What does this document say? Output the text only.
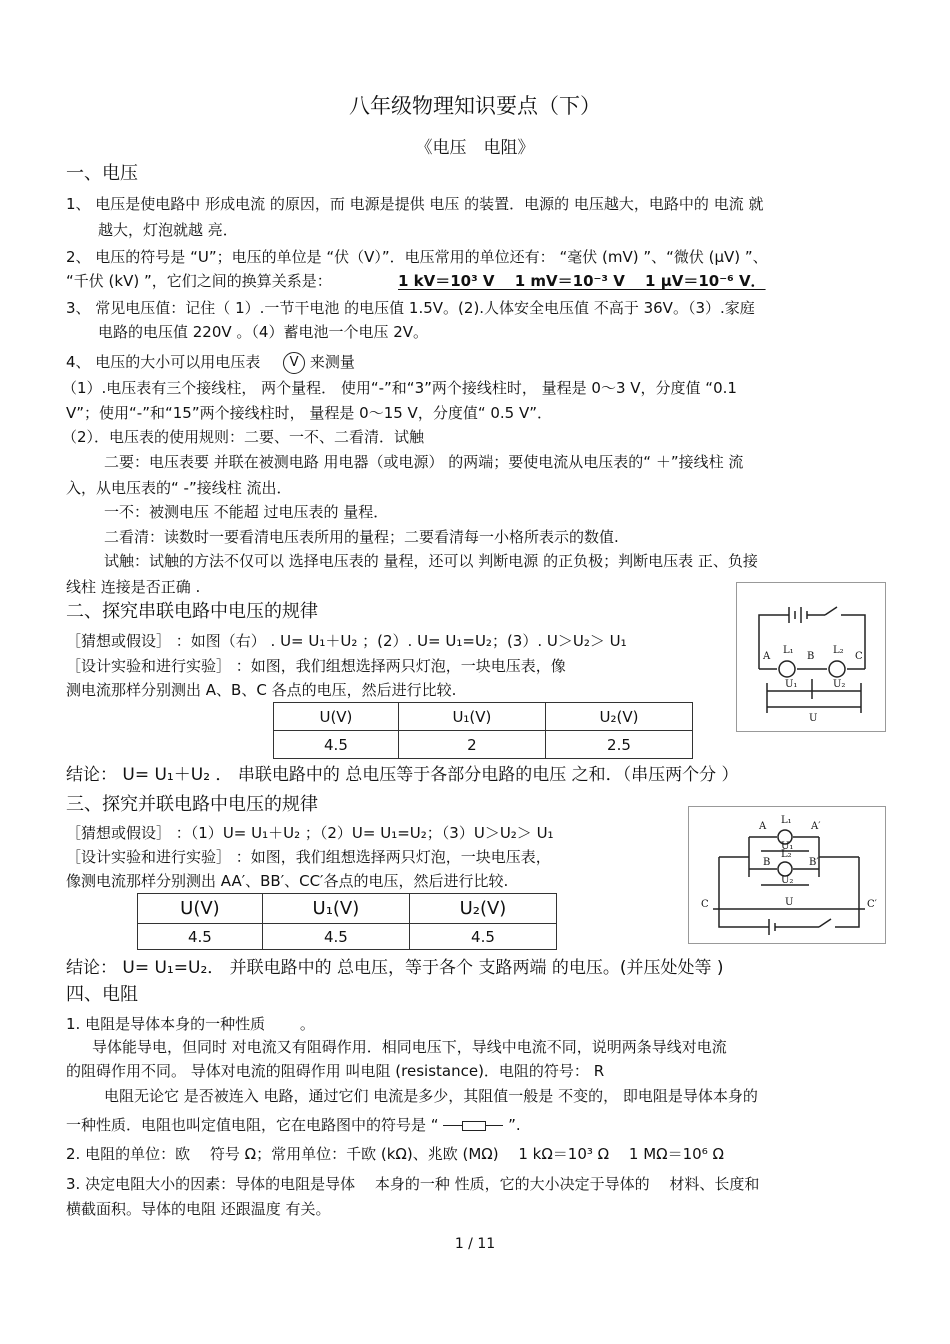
八年级物理知识要点（下）
《电压　电阻》
一、电压
1、 电压是使电路中 形成电流 的原因，而 电源是提供 电压 的装置．电源的 电压越大，电路中的 电流 就
越大，灯泡就越 亮．
2、 电压的符号是 “U”；电压的单位是 “伏（V）”．电压常用的单位还有： “毫伏 (mV) ”、“微伏 (μV) ”、
“千伏 (kV) ”，它们之间的换算关系是：	1 kV＝10³ V　 1 mV＝10⁻³ V　 1 μV＝10⁻⁶ V．
3、 常见电压值：记住（ 1）.一节干电池 的电压值 1.5V。(2).人体安全电压值 不高于 36V。（3）.家庭
电路的电压值 220V 。（4）蓄电池一个电压 2V。
4、 电压的大小可以用电压表 V 来测量
（1）.电压表有三个接线柱， 两个量程． 使用“-”和“3”两个接线柱时， 量程是 0～3 V，分度值 “0.1
V”；使用“-”和“15”两个接线柱时， 量程是 0～15 V，分度值“ 0.5 V”．
（2）．电压表的使用规则：二要、一不、二看清．试触
二要：电压表要 并联在被测电路 用电器（或电源） 的两端；要使电流从电压表的“ ＋”接线柱 流
入，从电压表的“ -”接线柱 流出．
一不：被测电压 不能超 过电压表的 量程．
二看清：读数时一要看清电压表所用的量程；二要看清每一小格所表示的数值.
试触：试触的方法不仅可以 选择电压表的 量程，还可以 判断电源 的正负极；判断电压表 正、负接
线柱 连接是否正确 .
二、探究串联电路中电压的规律
［猜想或假设］ ：如图（右） . U= U₁＋U₂ ；(2）. U= U₁=U₂；(3）. U＞U₂＞ U₁
［设计实验和进行实验］ ：如图，我们组想选择两只灯泡，一块电压表，像
测电流那样分别测出 A、B、C 各点的电压，然后进行比较.
U(V)	U₁(V)	U₂(V)
4.5	2	2.5
结论： U= U₁＋U₂ ． 串联电路中的 总电压等于各部分电路的电压 之和．（串压两个分 ）
L₁	L₂
A	B	C
U₁	U₂
U
三、探究并联电路中电压的规律
［猜想或假设］ ：（1）U= U₁＋U₂ ；（2）U= U₁=U₂；（3）U＞U₂＞ U₁
［设计实验和进行实验］ ：如图，我们组想选择两只灯泡，一块电压表，
像测电流那样分别测出 AA′、BB′、CC′各点的电压，然后进行比较.
U(V)	U₁(V)	U₂(V)
4.5	4.5	4.5
结论： U= U₁=U₂． 并联电路中的 总电压，等于各个 支路两端 的电压。(并压处处等 )
A	A′
B	B′
C	C′
L₁
L₂
U₁
U₂
U
四、电阻
1. 电阻是导体本身的一种性质　　 。
导体能导电，但同时 对电流又有阻碍作用．相同电压下，导线中电流不同，说明两条导线对电流
的阻碍作用不同。 导体对电流的阻碍作用 叫电阻 (resistance)．电阻的符号： R
电阻无论它 是否被连入 电路，通过它们 电流是多少，其阻值一般是 不变的， 即电阻是导体本身的
一种性质．电阻也叫定值电阻，它在电路图中的符号是 “	”.
2. 电阻的单位：欧　 符号 Ω；常用单位：千欧 (kΩ)、兆欧 (MΩ)　 1 kΩ＝10³ Ω　 1 MΩ＝10⁶ Ω
3. 决定电阻大小的因素：导体的电阻是导体　 本身的一种 性质，它的大小决定于导体的　 材料、长度和
横截面积。导体的电阻 还跟温度 有关。
1 / 11
